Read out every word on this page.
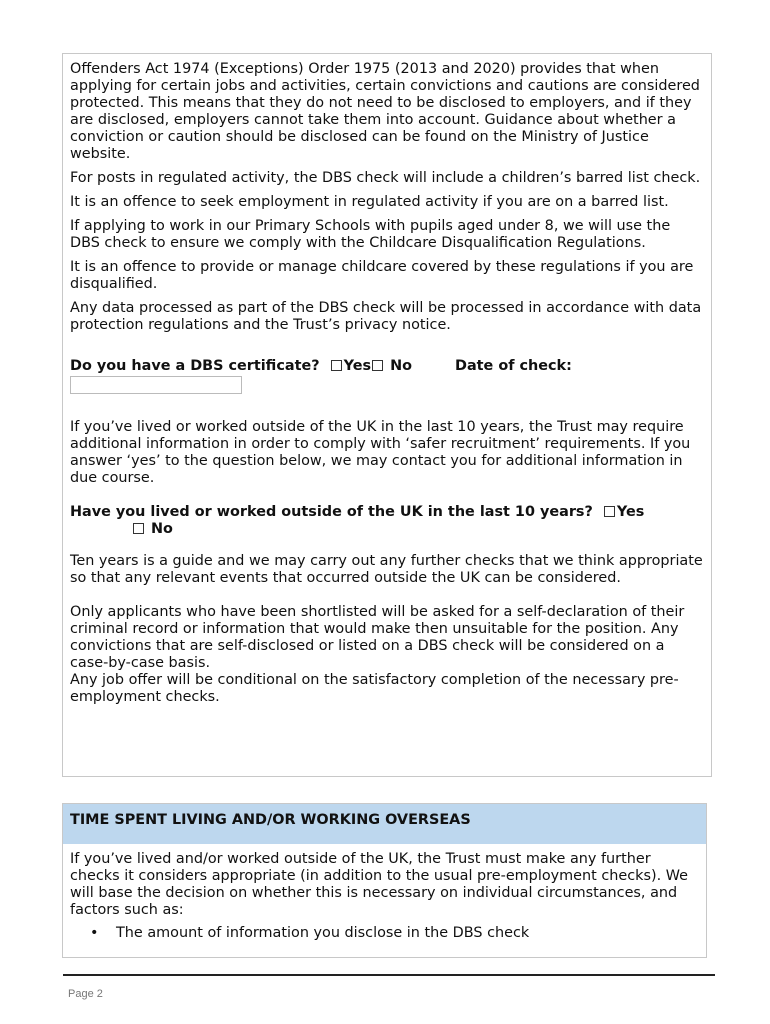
Offenders Act 1974 (Exceptions) Order 1975 (2013 and 2020) provides that when applying for certain jobs and activities, certain convictions and cautions are considered protected. This means that they do not need to be disclosed to employers, and if they are disclosed, employers cannot take them into account. Guidance about whether a conviction or caution should be disclosed can be found on the Ministry of Justice website.

For posts in regulated activity, the DBS check will include a children’s barred list check.

It is an offence to seek employment in regulated activity if you are on a barred list.

If applying to work in our Primary Schools with pupils aged under 8, we will use the DBS check to ensure we comply with the Childcare Disqualification Regulations.

It is an offence to provide or manage childcare covered by these regulations if you are disqualified.

Any data processed as part of the DBS check will be processed in accordance with data protection regulations and the Trust’s privacy notice.

Do you have a DBS certificate? Yes No	Date of check:

If you’ve lived or worked outside of the UK in the last 10 years, the Trust may require additional information in order to comply with ‘safer recruitment’ requirements. If you answer ‘yes’ to the question below, we may contact you for additional information in due course.

Have you lived or worked outside of the UK in the last 10 years? Yes
No

Ten years is a guide and we may carry out any further checks that we think appropriate so that any relevant events that occurred outside the UK can be considered.

Only applicants who have been shortlisted will be asked for a self-declaration of their criminal record or information that would make then unsuitable for the position. Any convictions that are self-disclosed or listed on a DBS check will be considered on a case-by-case basis.

Any job offer will be conditional on the satisfactory completion of the necessary pre-employment checks.

TIME SPENT LIVING AND/OR WORKING OVERSEAS

If you’ve lived and/or worked outside of the UK, the Trust must make any further checks it considers appropriate (in addition to the usual pre-employment checks). We will base the decision on whether this is necessary on individual circumstances, and factors such as:

•	The amount of information you disclose in the DBS check
Page 2
